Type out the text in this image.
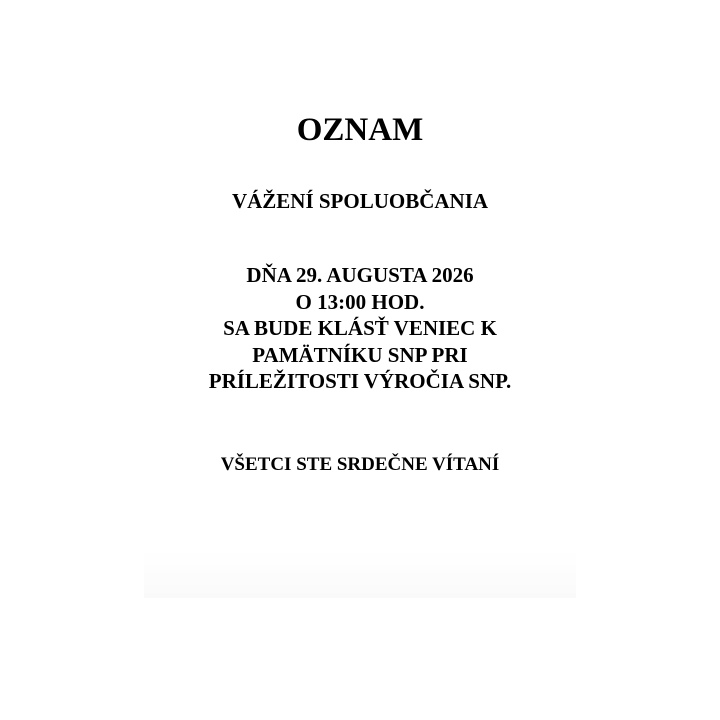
OZNAM

VÁŽENÍ SPOLUOBČANIA

DŇA 29. AUGUSTA 2026
O 13:00 HOD.
SA BUDE KLÁSŤ VENIEC K
PAMÄTNÍKU SNP PRI
PRÍLEŽITOSTI VÝROČIA SNP.

VŠETCI STE SRDEČNE VÍTANÍ
